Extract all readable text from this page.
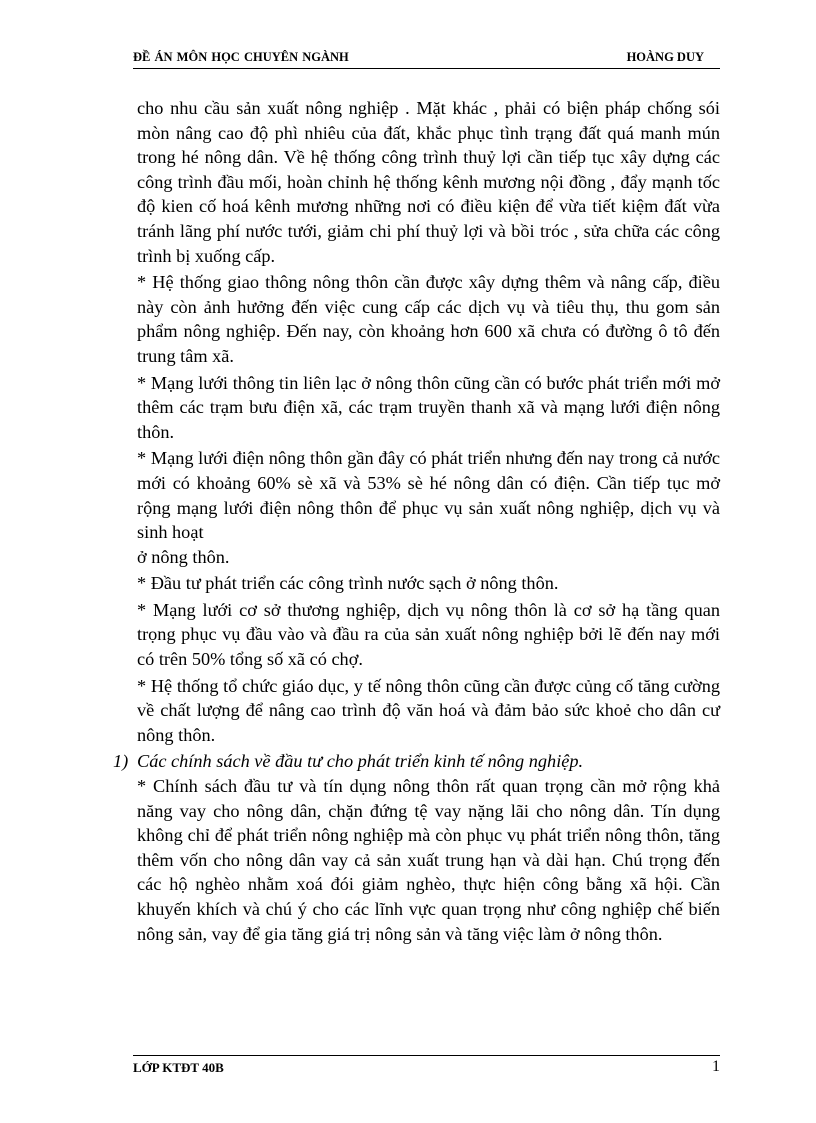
ĐỀ ÁN MÔN HỌC CHUYÊN NGÀNH	HOÀNG DUY

cho nhu cầu sản xuất nông nghiệp . Mặt khác , phải có biện pháp chống sói mòn nâng cao độ phì nhiêu của đất, khắc phục tình trạng đất quá manh mún trong hé nông dân. Về hệ thống công trình thuỷ lợi cần tiếp tục xây dựng các công trình đầu mối, hoàn chỉnh hệ thống kênh mương nội đồng , đẩy mạnh tốc độ kien cố hoá kênh mương những nơi có điều kiện để vừa tiết kiệm đất vừa tránh lãng phí nước tưới, giảm chi phí thuỷ lợi và bồi tróc , sửa chữa các công trình bị xuống cấp.

* Hệ thống giao thông nông thôn cần được xây dựng thêm và nâng cấp, điều này còn ảnh hưởng đến việc cung cấp các dịch vụ và tiêu thụ, thu gom sản phẩm nông nghiệp. Đến nay, còn khoảng hơn 600 xã chưa có đường ô tô đến trung tâm xã.

* Mạng lưới thông tin liên lạc ở nông thôn cũng cần có bước phát triển mới mở thêm các trạm bưu điện xã, các trạm truyền thanh xã và mạng lưới điện nông thôn.

* Mạng lưới điện nông thôn gần đây có phát triển nhưng đến nay trong cả nước mới có khoảng 60% sè xã và 53% sè hé nông dân có điện. Cần tiếp tục mở rộng mạng lưới điện nông thôn để phục vụ sản xuất nông nghiệp, dịch vụ và sinh hoạt

ở nông thôn.

* Đầu tư phát triển các công trình nước sạch ở nông thôn.

* Mạng lưới cơ sở thương nghiệp, dịch vụ nông thôn là cơ sở hạ tầng quan trọng phục vụ đầu vào và đầu ra của sản xuất nông nghiệp bởi lẽ đến nay mới có trên 50% tổng số xã có chợ.

* Hệ thống tổ chức giáo dục, y tế nông thôn cũng cần được củng cố tăng cường về chất lượng để nâng cao trình độ văn hoá và đảm bảo sức khoẻ cho dân cư nông thôn.

1) Các chính sách về đầu tư cho phát triển kinh tế nông nghiệp.

* Chính sách đầu tư và tín dụng nông thôn rất quan trọng cần mở rộng khả năng vay cho nông dân, chặn đứng tệ vay nặng lãi cho nông dân. Tín dụng không chỉ để phát triển nông nghiệp mà còn phục vụ phát triển nông thôn, tăng thêm vốn cho nông dân vay cả sản xuất trung hạn và dài hạn. Chú trọng đến các hộ nghèo nhằm xoá đói giảm nghèo, thực hiện công bằng xã hội. Cần khuyến khích và chú ý cho các lĩnh vực quan trọng như công nghiệp chế biến nông sản, vay để gia tăng giá trị nông sản và tăng việc làm ở nông thôn.

LỚP KTĐT 40B	1
